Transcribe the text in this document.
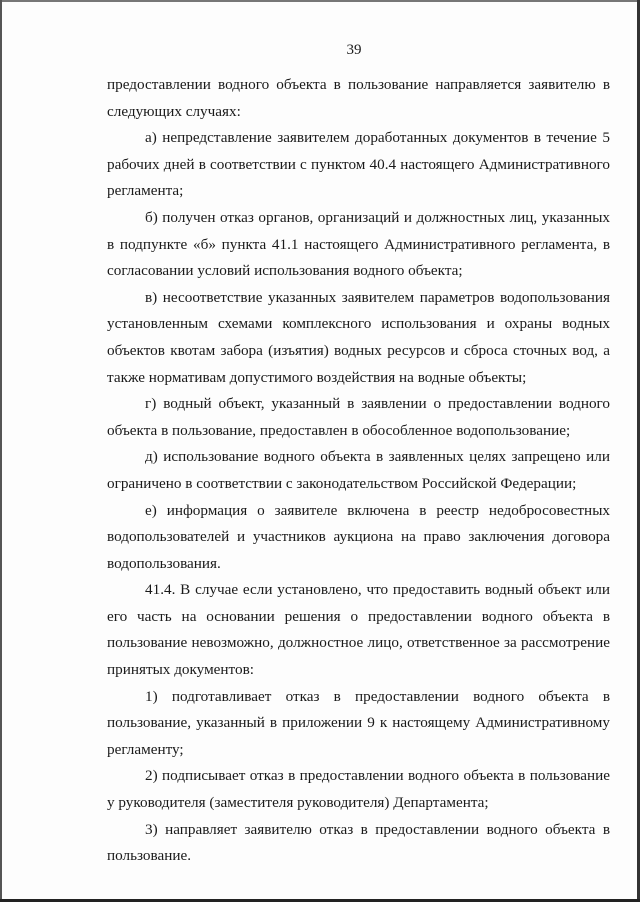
39

предоставлении водного объекта в пользование направляется заявителю в следующих случаях:

а) непредставление заявителем доработанных документов в течение 5 рабочих дней в соответствии с пунктом 40.4 настоящего Административного регламента;

б) получен отказ органов, организаций и должностных лиц, указанных в подпункте «б» пункта 41.1 настоящего Административного регламента, в согласовании условий использования водного объекта;

в) несоответствие указанных заявителем параметров водопользования установленным схемами комплексного использования и охраны водных объектов квотам забора (изъятия) водных ресурсов и сброса сточных вод, а также нормативам допустимого воздействия на водные объекты;

г) водный объект, указанный в заявлении о предоставлении водного объекта в пользование, предоставлен в обособленное водопользование;

д) использование водного объекта в заявленных целях запрещено или ограничено в соответствии с законодательством Российской Федерации;

е) информация о заявителе включена в реестр недобросовестных водопользователей и участников аукциона на право заключения договора водопользования.

41.4. В случае если установлено, что предоставить водный объект или его часть на основании решения о предоставлении водного объекта в пользование невозможно, должностное лицо, ответственное за рассмотрение принятых документов:

1) подготавливает отказ в предоставлении водного объекта в пользование, указанный в приложении 9 к настоящему Административному регламенту;

2) подписывает отказ в предоставлении водного объекта в пользование у руководителя (заместителя руководителя) Департамента;

3) направляет заявителю отказ в предоставлении водного объекта в пользование.
